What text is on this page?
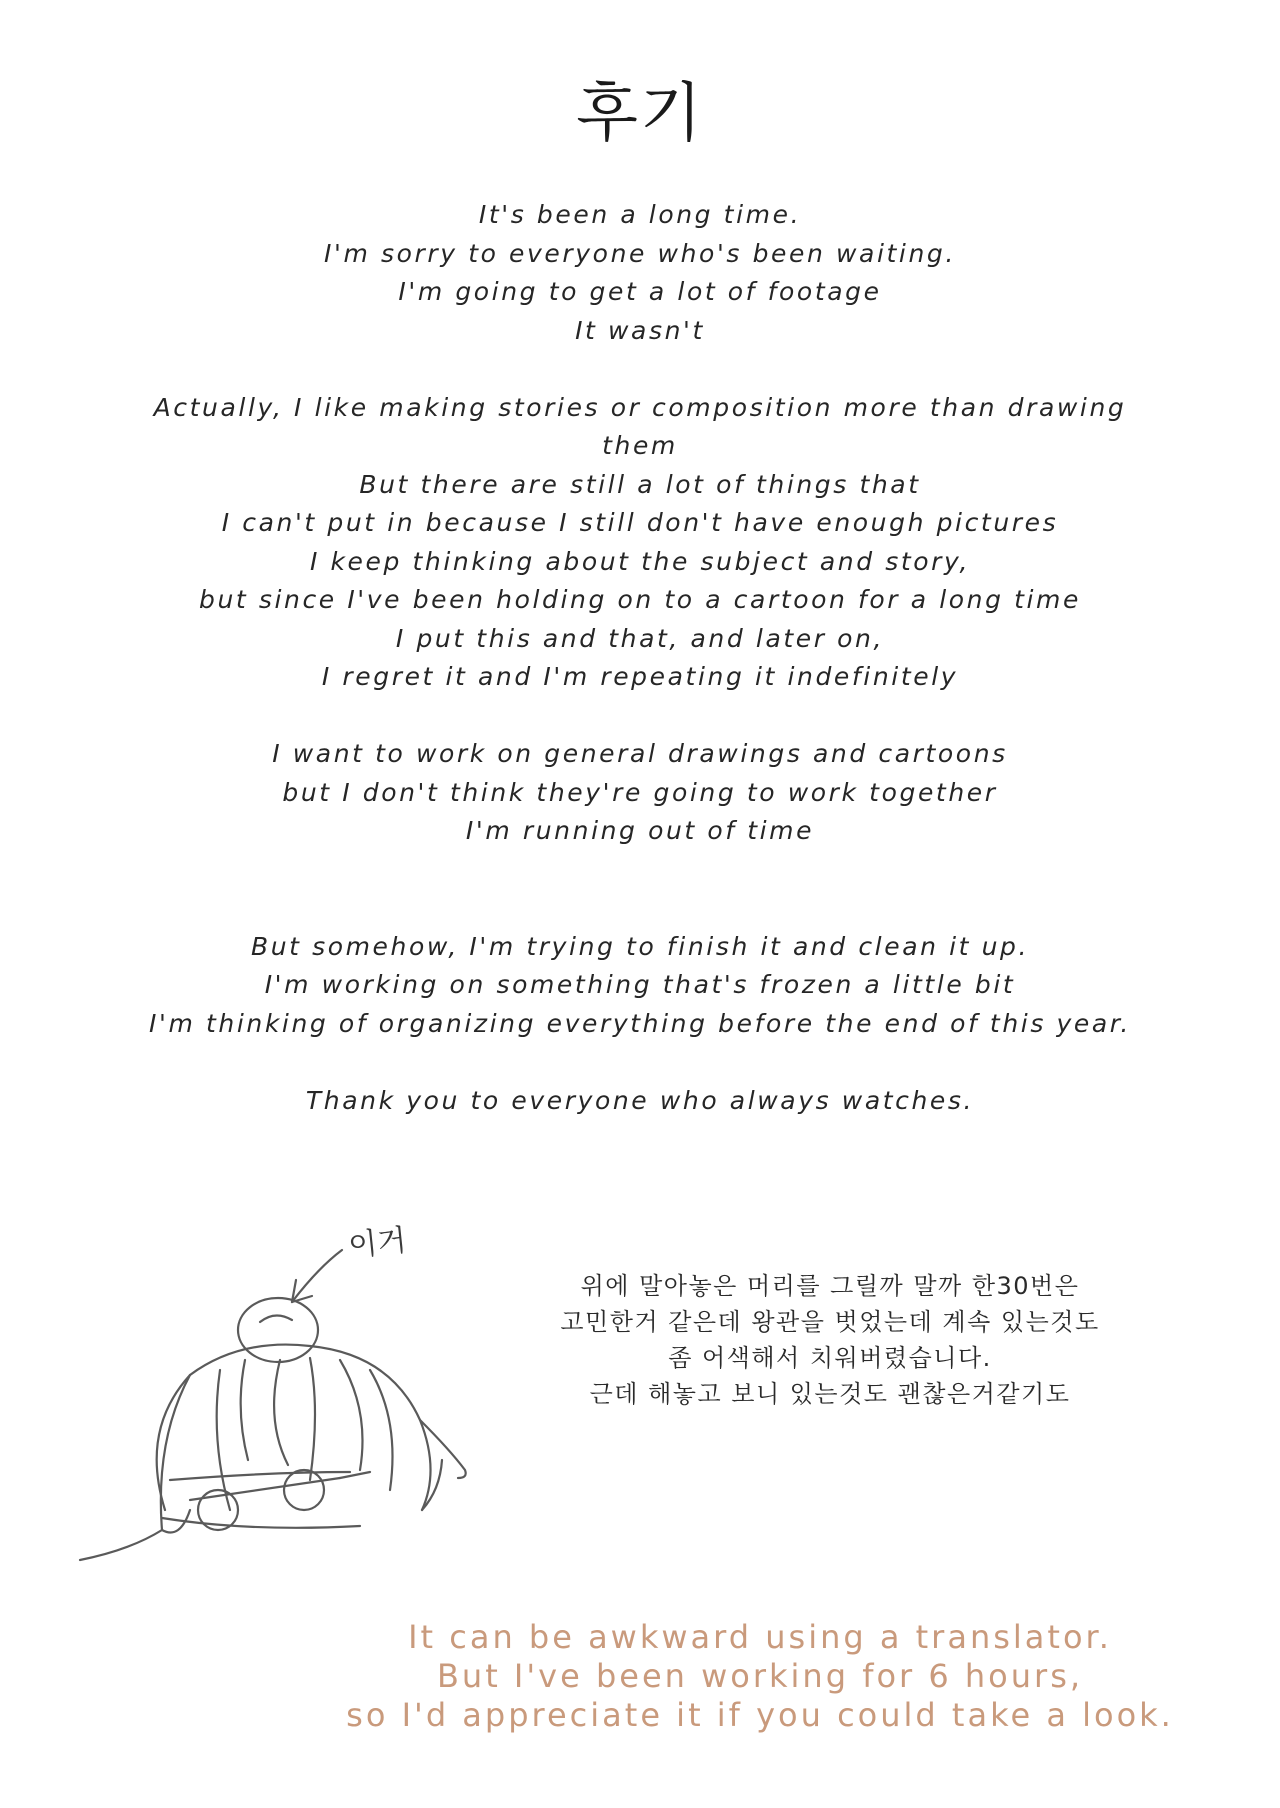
후기
It's been a long time.
I'm sorry to everyone who's been waiting.
I'm going to get a lot of footage
It wasn't
Actually, I like making stories or composition more than drawing
them
But there are still a lot of things that
I can't put in because I still don't have enough pictures
I keep thinking about the subject and story,
but since I've been holding on to a cartoon for a long time
I put this and that, and later on,
I regret it and I'm repeating it indefinitely
I want to work on general drawings and cartoons
but I don't think they're going to work together
I'm running out of time
But somehow, I'm trying to finish it and clean it up.
I'm working on something that's frozen a little bit
I'm thinking of organizing everything before the end of this year.
Thank you to everyone who always watches.
이거
위에 말아놓은 머리를 그릴까 말까 한30번은
고민한거 같은데 왕관을 벗었는데 계속 있는것도
좀 어색해서 치워버렸습니다.
근데 해놓고 보니 있는것도 괜찮은거같기도
It can be awkward using a translator.
But I've been working for 6 hours,
so I'd appreciate it if you could take a look.
